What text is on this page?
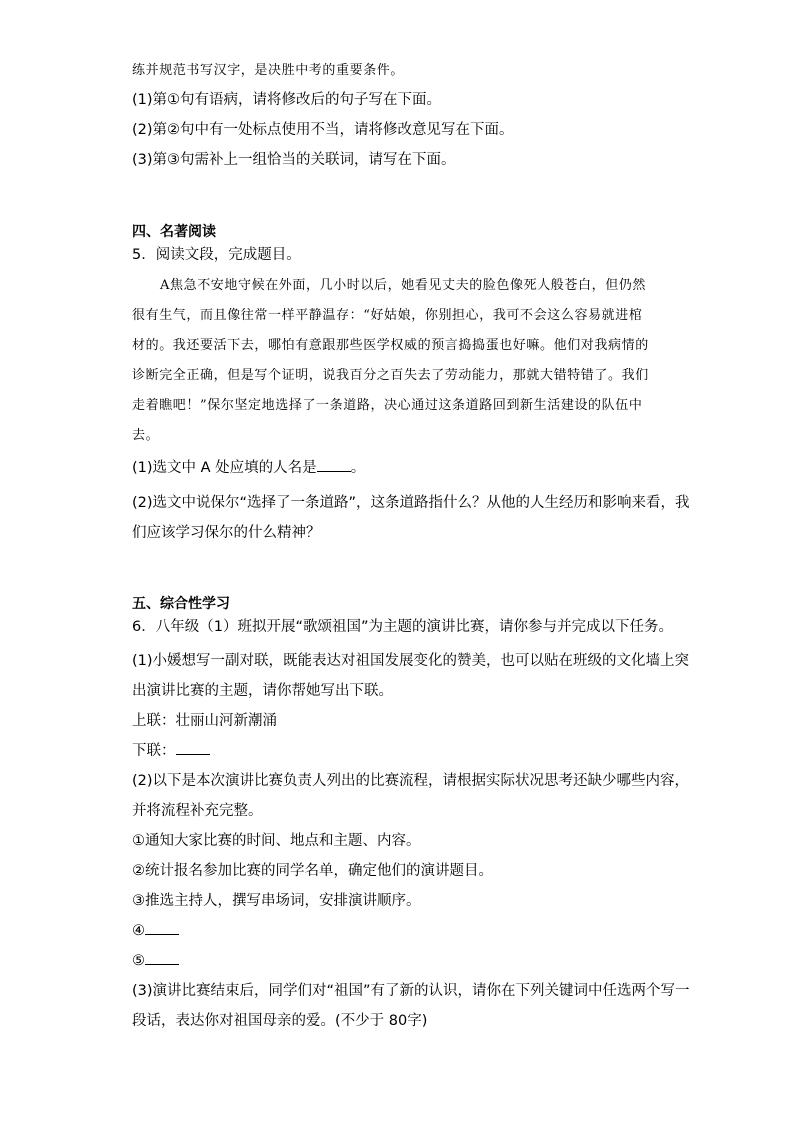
练并规范书写汉字，是决胜中考的重要条件。
(1)第①句有语病，请将修改后的句子写在下面。
(2)第②句中有一处标点使用不当，请将修改意见写在下面。
(3)第③句需补上一组恰当的关联词，请写在下面。
四、名著阅读
5．阅读文段，完成题目。
A焦急不安地守候在外面，几小时以后，她看见丈夫的脸色像死人般苍白，但仍然
很有生气，而且像往常一样平静温存：“好姑娘，你别担心，我可不会这么容易就进棺
材的。我还要活下去，哪怕有意跟那些医学权威的预言捣捣蛋也好嘛。他们对我病情的
诊断完全正确，但是写个证明，说我百分之百失去了劳动能力，那就大错特错了。我们
走着瞧吧！”保尔坚定地选择了一条道路，决心通过这条道路回到新生活建设的队伍中
去。
(1)选文中 A 处应填的人名是 。
(2)选文中说保尔“选择了一条道路”，这条道路指什么？从他的人生经历和影响来看，我
们应该学习保尔的什么精神？
五、综合性学习
6．八年级（1）班拟开展“歌颂祖国”为主题的演讲比赛，请你参与并完成以下任务。
(1)小媛想写一副对联，既能表达对祖国发展变化的赞美，也可以贴在班级的文化墙上突
出演讲比赛的主题，请你帮她写出下联。
上联：壮丽山河新潮涌
下联：
(2)以下是本次演讲比赛负责人列出的比赛流程，请根据实际状况思考还缺少哪些内容，
并将流程补充完整。
①通知大家比赛的时间、地点和主题、内容。
②统计报名参加比赛的同学名单，确定他们的演讲题目。
③推选主持人，撰写串场词，安排演讲顺序。
④
⑤
(3)演讲比赛结束后，同学们对“祖国”有了新的认识，请你在下列关键词中任选两个写一
段话，表达你对祖国母亲的爱。(不少于 80字)
